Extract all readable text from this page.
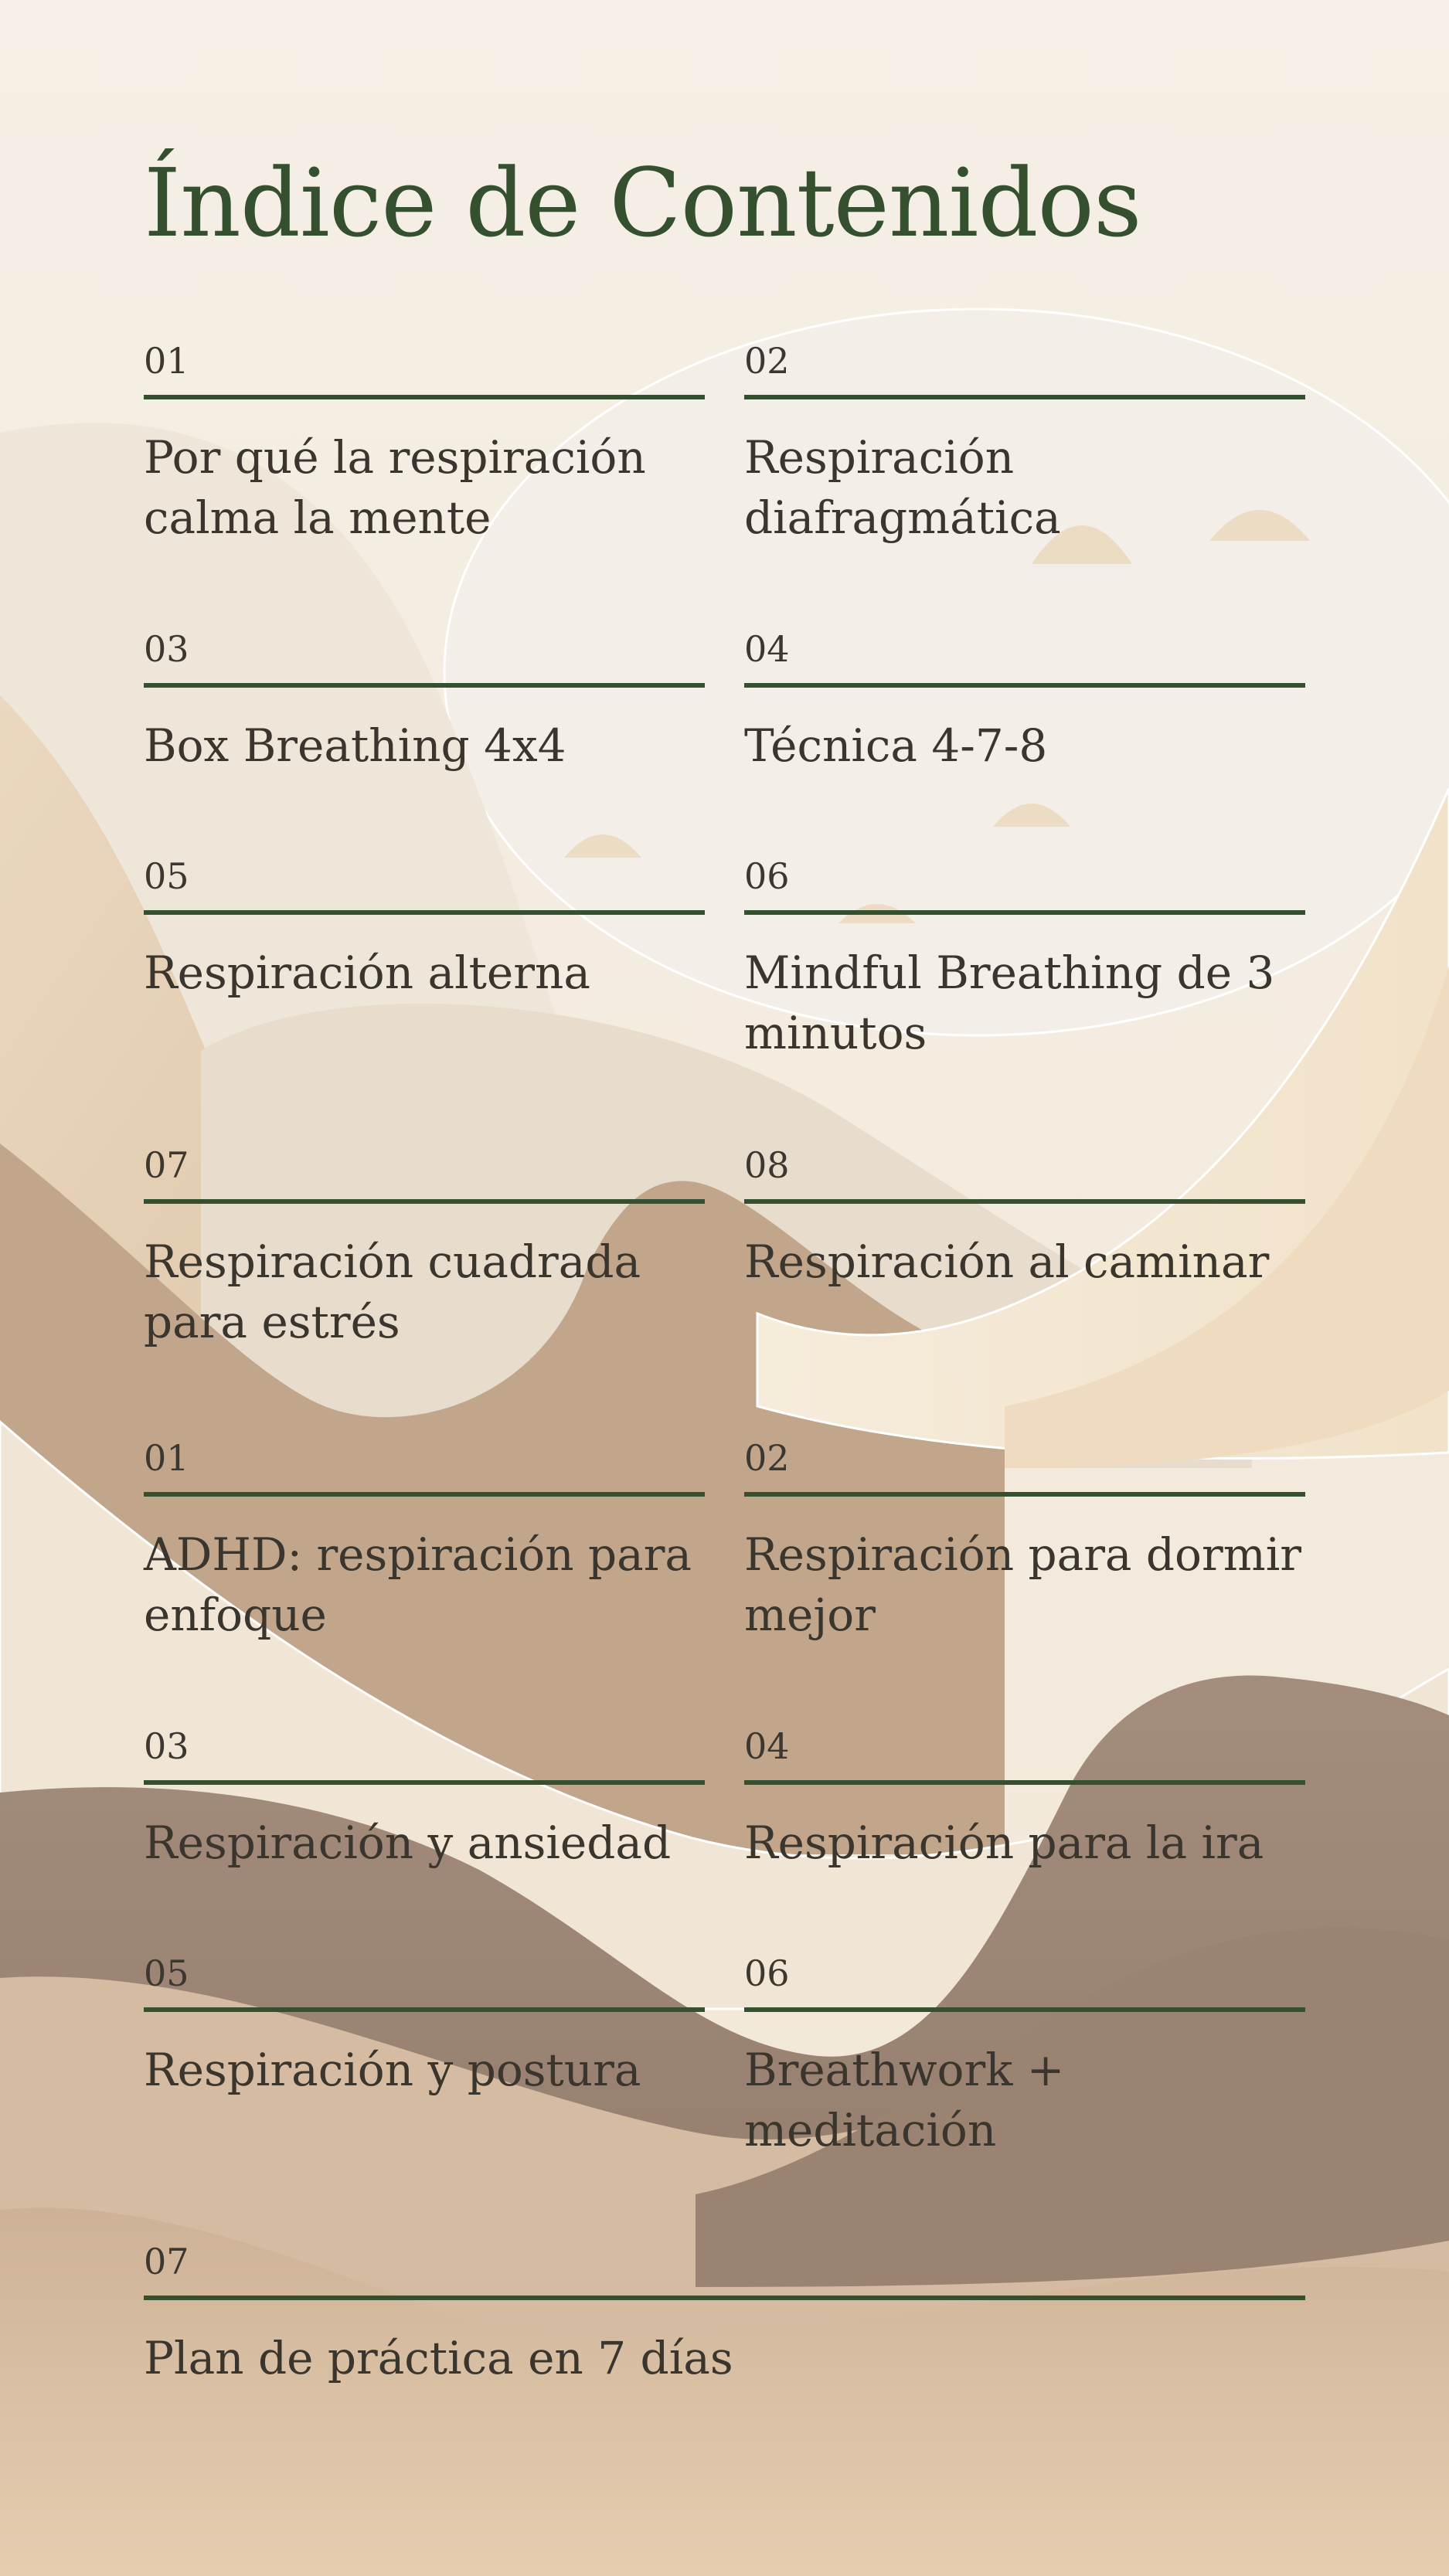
Índice de Contenidos
01
Por qué la respiración calma la mente
02
Respiración diafragmática
03
Box Breathing 4x4
04
Técnica 4-7-8
05
Respiración alterna
06
Mindful Breathing de 3 minutos
07
Respiración cuadrada para estrés
08
Respiración al caminar
01
ADHD: respiración para enfoque
02
Respiración para dormir mejor
03
Respiración y ansiedad
04
Respiración para la ira
05
Respiración y postura
06
Breathwork + meditación
07
Plan de práctica en 7 días
